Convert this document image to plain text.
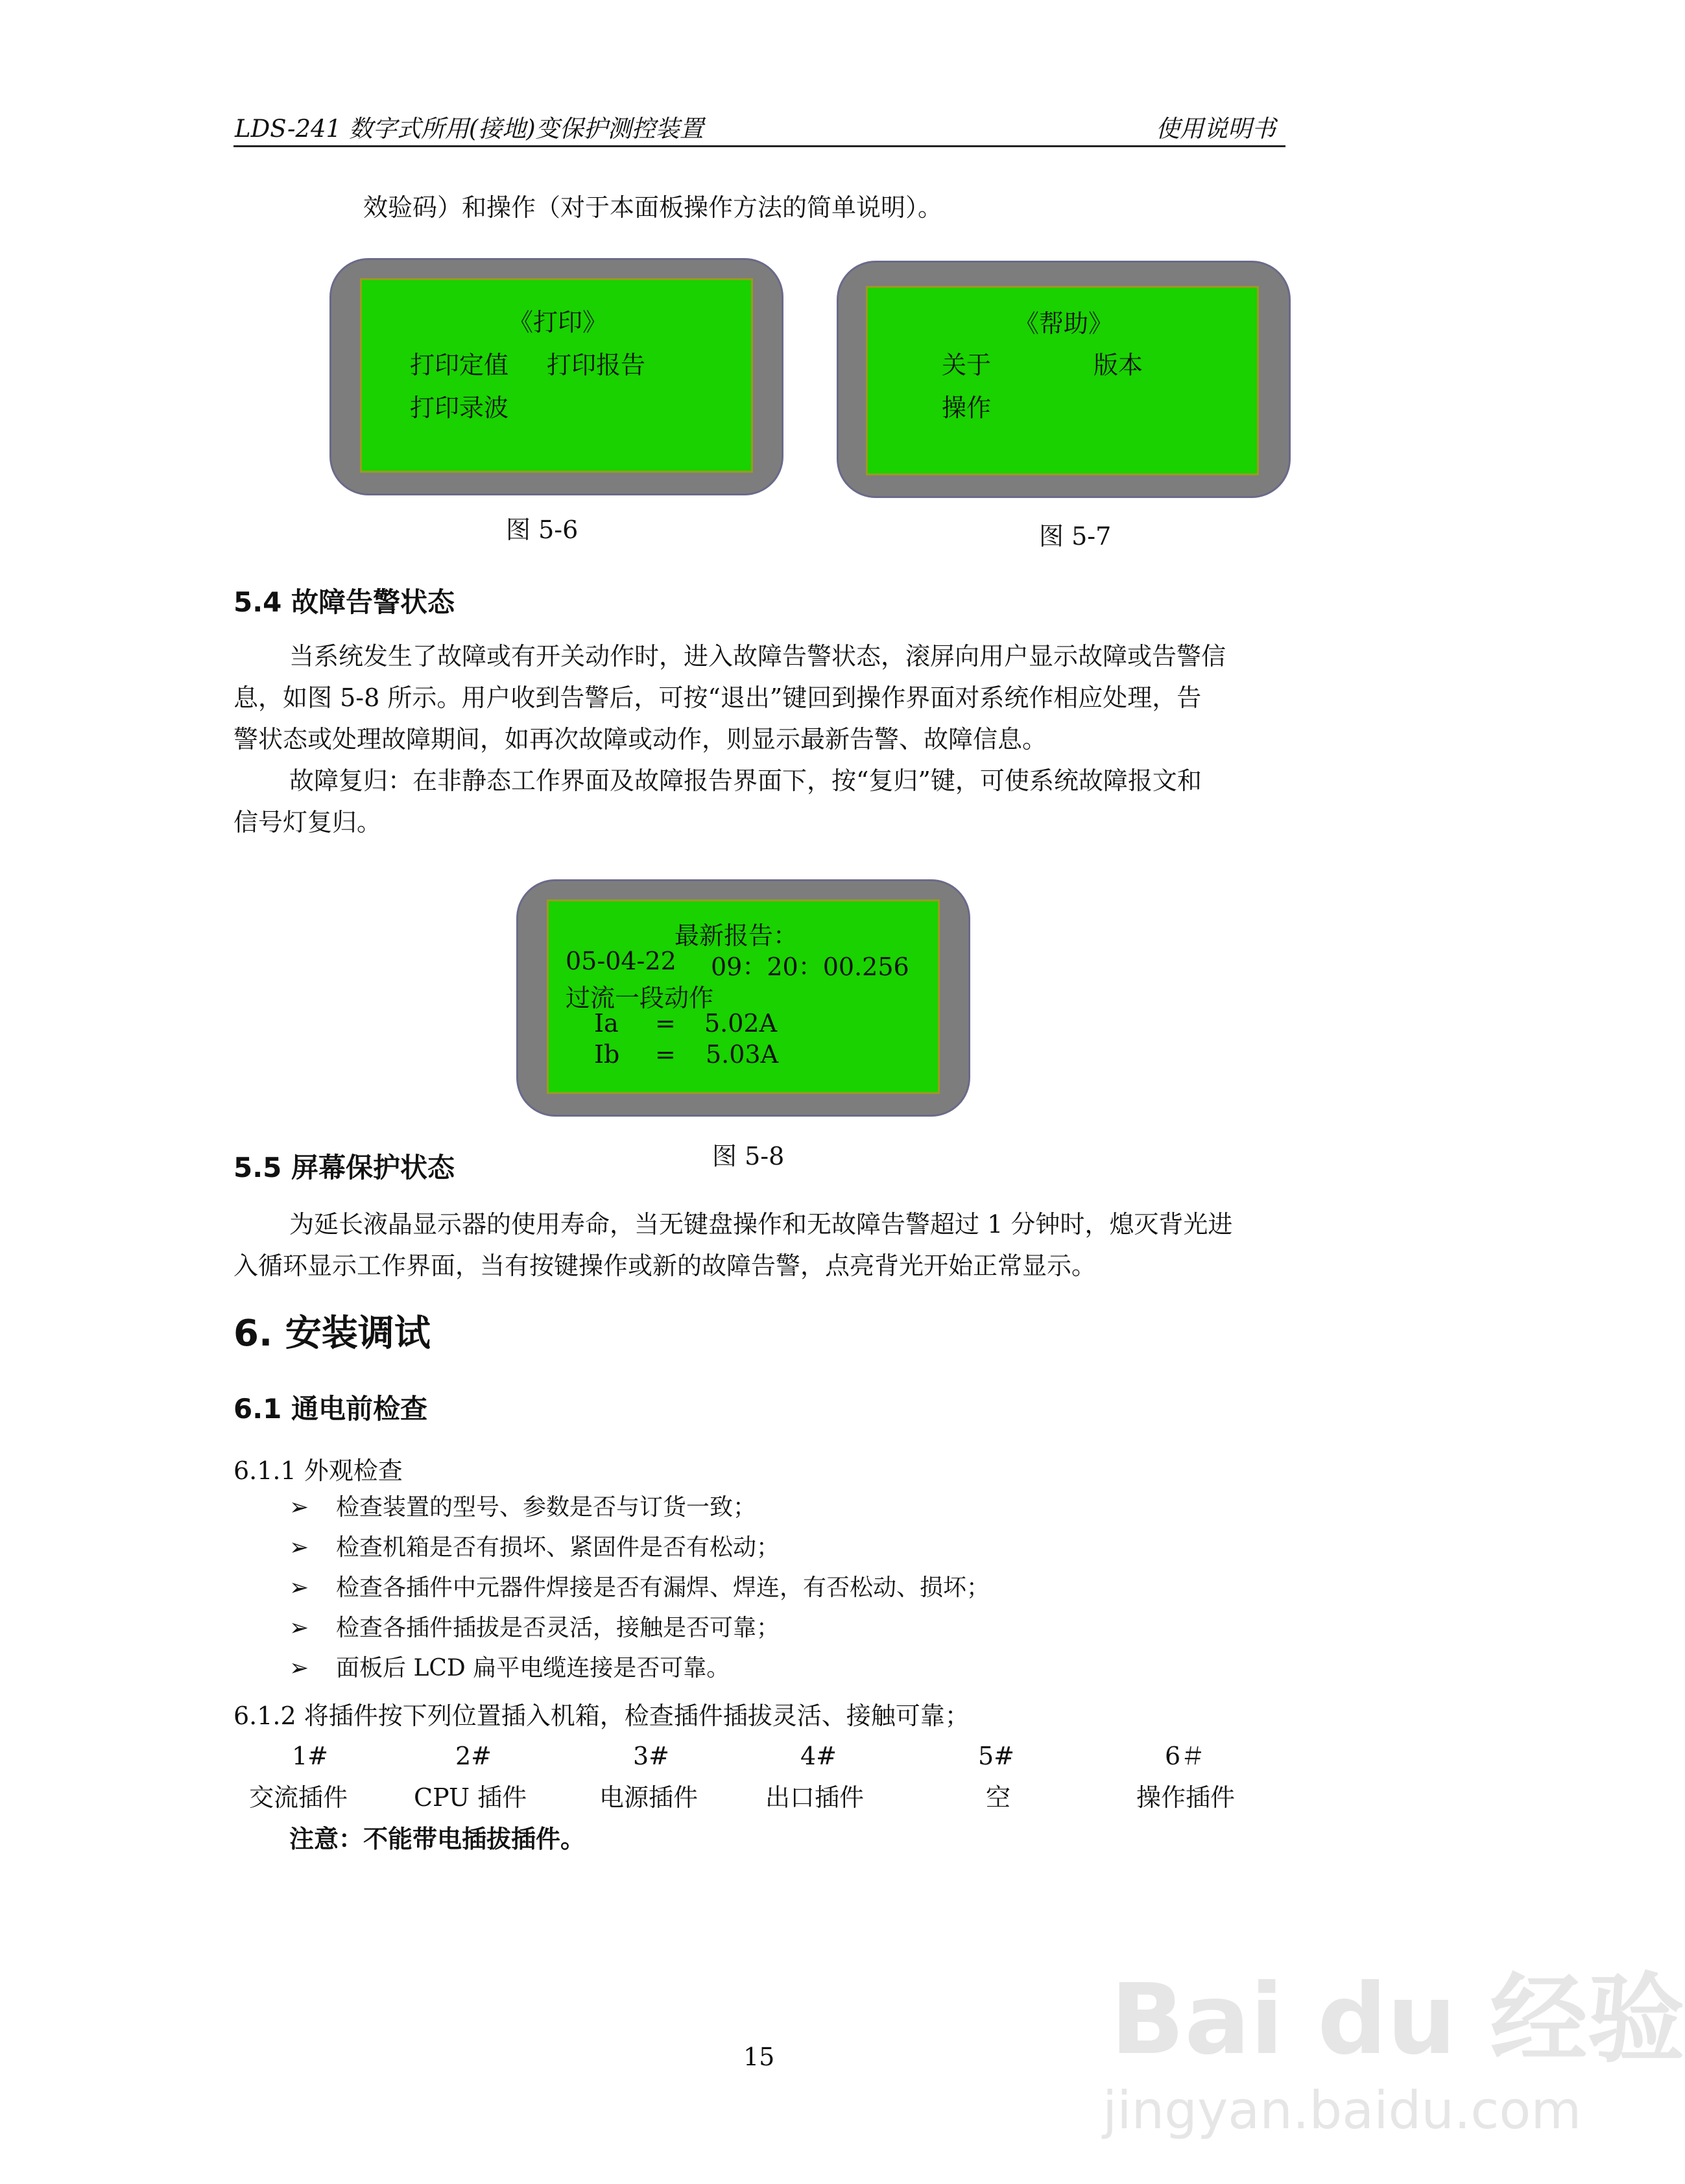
LDS-241 数字式所用(接地)变保护测控装置	使用说明书
效验码）和操作（对于本面板操作方法的简单说明）。
《打印》
打印定值 打印报告
打印录波
图 5-6
《帮助》
关于	版本
操作
图 5-7
5.4 故障告警状态
当系统发生了故障或有开关动作时，进入故障告警状态，滚屏向用户显示故障或告警信
息，如图 5-8 所示。用户收到告警后，可按“退出”键回到操作界面对系统作相应处理，告
警状态或处理故障期间，如再次故障或动作，则显示最新告警、故障信息。
故障复归：在非静态工作界面及故障报告界面下，按“复归”键，可使系统故障报文和
信号灯复归。
最新报告：
05-04-22 09：20：00.256
过流一段动作
Ia = 5.02A
Ib = 5.03A
图 5-8
5.5 屏幕保护状态
为延长液晶显示器的使用寿命，当无键盘操作和无故障告警超过 1 分钟时，熄灭背光进
入循环显示工作界面，当有按键操作或新的故障告警，点亮背光开始正常显示。
6. 安装调试
6.1 通电前检查
6.1.1 外观检查
➢ 检查装置的型号、参数是否与订货一致；
➢ 检查机箱是否有损坏、紧固件是否有松动；
➢ 检查各插件中元器件焊接是否有漏焊、焊连，有否松动、损坏；
➢ 检查各插件插拔是否灵活，接触是否可靠；
➢ 面板后 LCD 扁平电缆连接是否可靠。
6.1.2 将插件按下列位置插入机箱，检查插件插拔灵活、接触可靠；
1#	2#	3#	4#	5#	6＃
交流插件	CPU 插件	电源插件	出口插件	空	操作插件
注意：不能带电插拔插件。
15	Bai du 经验
jingyan.baidu.com
